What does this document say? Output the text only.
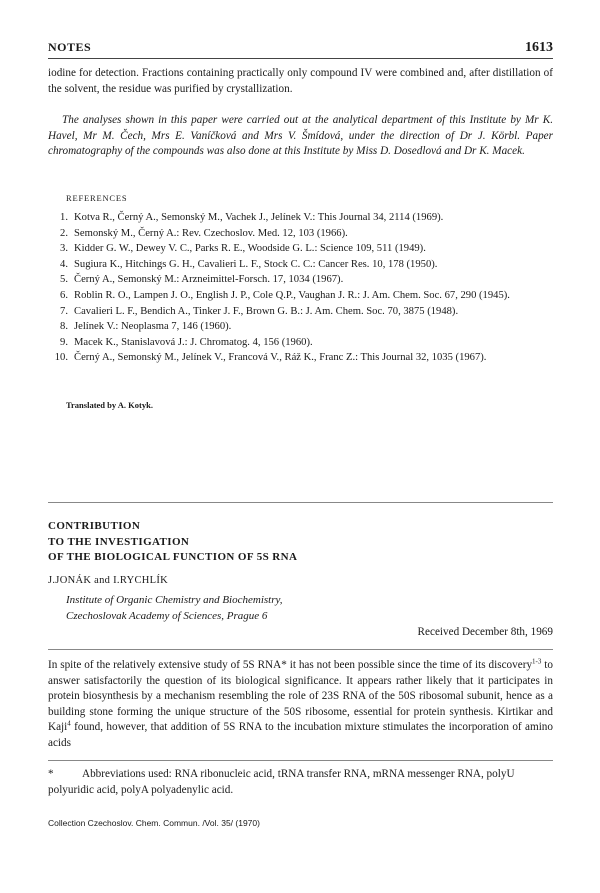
NOTES	1613

iodine for detection. Fractions containing practically only compound IV were combined and, after distillation of the solvent, the residue was purified by crystallization.

The analyses shown in this paper were carried out at the analytical department of this Institute by Mr K. Havel, Mr M. Čech, Mrs E. Vaníčková and Mrs V. Šmídová, under the direction of Dr J. Körbl. Paper chromatography of the compounds was also done at this Institute by Miss D. Dosedlová and Dr K. Macek.

REFERENCES
1. Kotva R., Černý A., Semonský M., Vachek J., Jelínek V.: This Journal 34, 2114 (1969).
2. Semonský M., Černý A.: Rev. Czechoslov. Med. 12, 103 (1966).
3. Kidder G. W., Dewey V. C., Parks R. E., Woodside G. L.: Science 109, 511 (1949).
4. Sugiura K., Hitchings G. H., Cavalieri L. F., Stock C. C.: Cancer Res. 10, 178 (1950).
5. Černý A., Semonský M.: Arzneimittel-Forsch. 17, 1034 (1967).
6. Roblin R. O., Lampen J. O., English J. P., Cole Q.P., Vaughan J. R.: J. Am. Chem. Soc. 67, 290 (1945).
7. Cavalieri L. F., Bendich A., Tinker J. F., Brown G. B.: J. Am. Chem. Soc. 70, 3875 (1948).
8. Jelínek V.: Neoplasma 7, 146 (1960).
9. Macek K., Stanislavová J.: J. Chromatog. 4, 156 (1960).
10. Černý A., Semonský M., Jelínek V., Francová V., Ráž K., Franc Z.: This Journal 32, 1035 (1967).
Translated by A. Kotyk.
CONTRIBUTION
TO THE INVESTIGATION
OF THE BIOLOGICAL FUNCTION OF 5S RNA
J.JONÁK and I.RYCHLÍK
Institute of Organic Chemistry and Biochemistry,
Czechoslovak Academy of Sciences, Prague 6
Received December 8th, 1969

In spite of the relatively extensive study of 5S RNA* it has not been possible since the time of its discovery$^{1-3}$ to answer satisfactorily the question of its biological significance. It appears rather likely that it participates in protein biosynthesis by a mechanism resembling the role of 23S RNA of the 50S ribosomal subunit, hence as a building stone forming the unique structure of the 50S ribosome, essential for protein synthesis. Kirtikar and Kaji$^4$ found, however, that addition of 5S RNA to the incubation mixture stimulates the incorporation of amino acids

*	Abbreviations used: RNA ribonucleic acid, tRNA transfer RNA, mRNA messenger RNA, polyU polyuridic acid, polyA polyadenylic acid.

Collection Czechoslov. Chem. Commun. /Vol. 35/ (1970)
